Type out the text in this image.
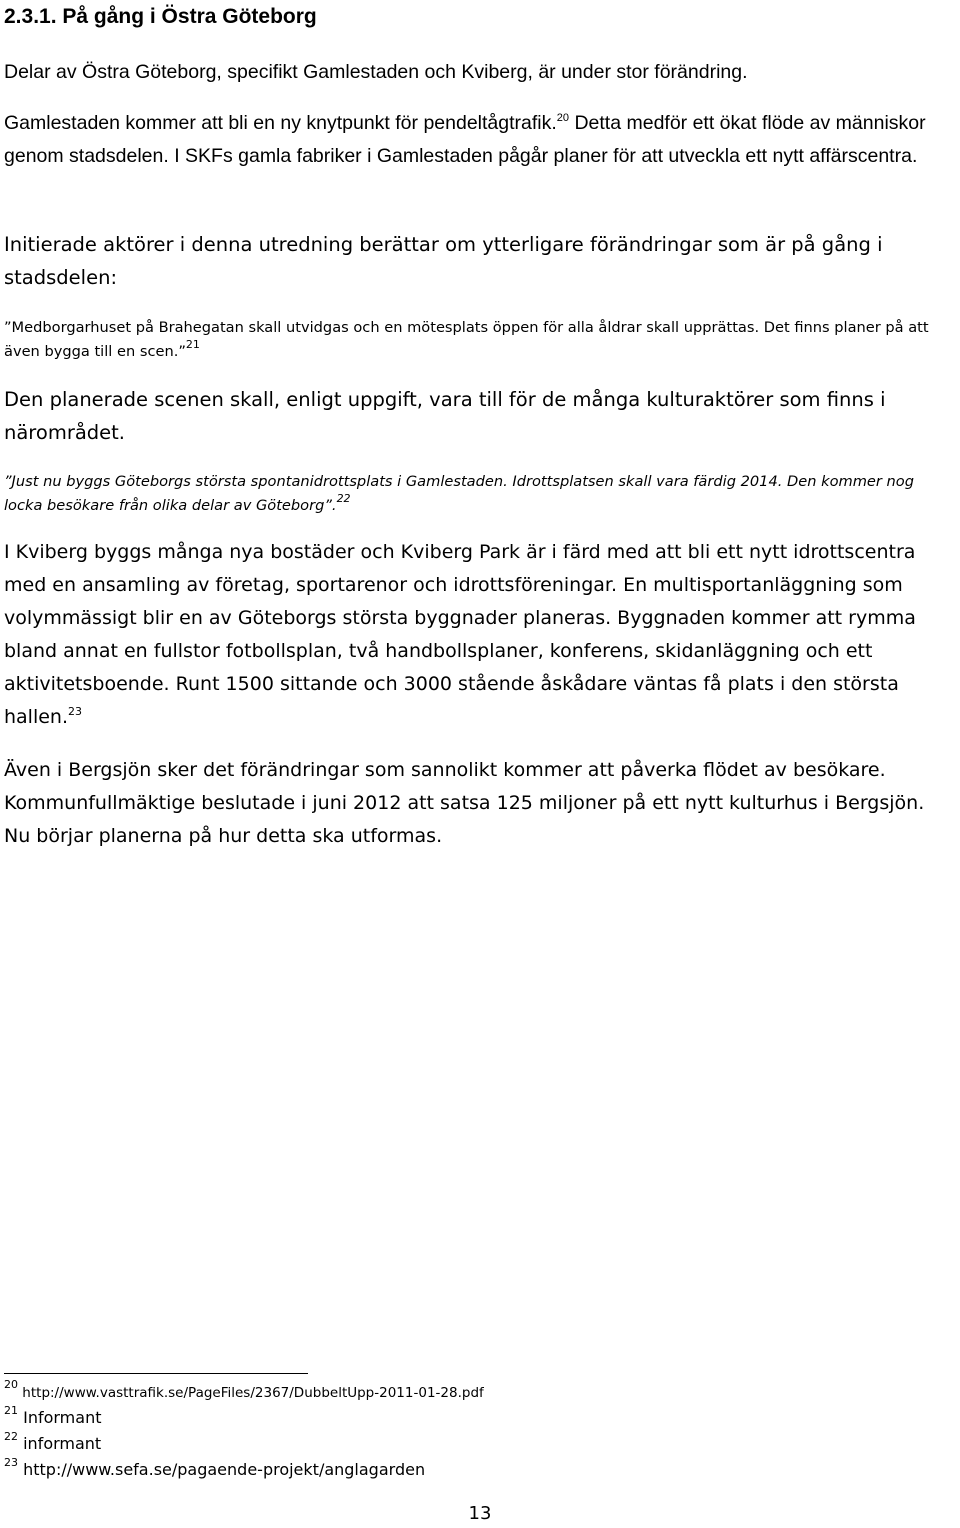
2.3.1. På gång i Östra Göteborg

Delar av Östra Göteborg, specifikt Gamlestaden och Kviberg, är under stor förändring.

Gamlestaden kommer att bli en ny knytpunkt för pendeltågtrafik.$^{20}$ Detta medför ett ökat flöde av människor genom stadsdelen. I SKFs gamla fabriker i Gamlestaden pågår planer för att utveckla ett nytt affärscentra.

Initierade aktörer i denna utredning berättar om ytterligare förändringar som är på gång i stadsdelen:

”Medborgarhuset på Brahegatan skall utvidgas och en mötesplats öppen för alla åldrar skall upprättas. Det finns planer på att även bygga till en scen.”$^{21}$

Den planerade scenen skall, enligt uppgift, vara till för de många kulturaktörer som finns i närområdet.

”Just nu byggs Göteborgs största spontanidrottsplats i Gamlestaden. Idrottsplatsen skall vara färdig 2014. Den kommer nog locka besökare från olika delar av Göteborg”.$^{22}$

I Kviberg byggs många nya bostäder och Kviberg Park är i färd med att bli ett nytt idrottscentra med en ansamling av företag, sportarenor och idrottsföreningar. En multisportanläggning som volymmässigt blir en av Göteborgs största byggnader planeras. Byggnaden kommer att rymma bland annat en fullstor fotbollsplan, två handbollsplaner, konferens, skidanläggning och ett aktivitetsboende. Runt 1500 sittande och 3000 stående åskådare väntas få plats i den största hallen.$^{23}$

Även i Bergsjön sker det förändringar som sannolikt kommer att påverka flödet av besökare. Kommunfullmäktige beslutade i juni 2012 att satsa 125 miljoner på ett nytt kulturhus i Bergsjön. Nu börjar planerna på hur detta ska utformas.

$^{20}$ http://www.vasttrafik.se/PageFiles/2367/DubbeltUpp-2011-01-28.pdf

$^{21}$ Informant

$^{22}$ informant

$^{23}$ http://www.sefa.se/pagaende-projekt/anglagarden

13
